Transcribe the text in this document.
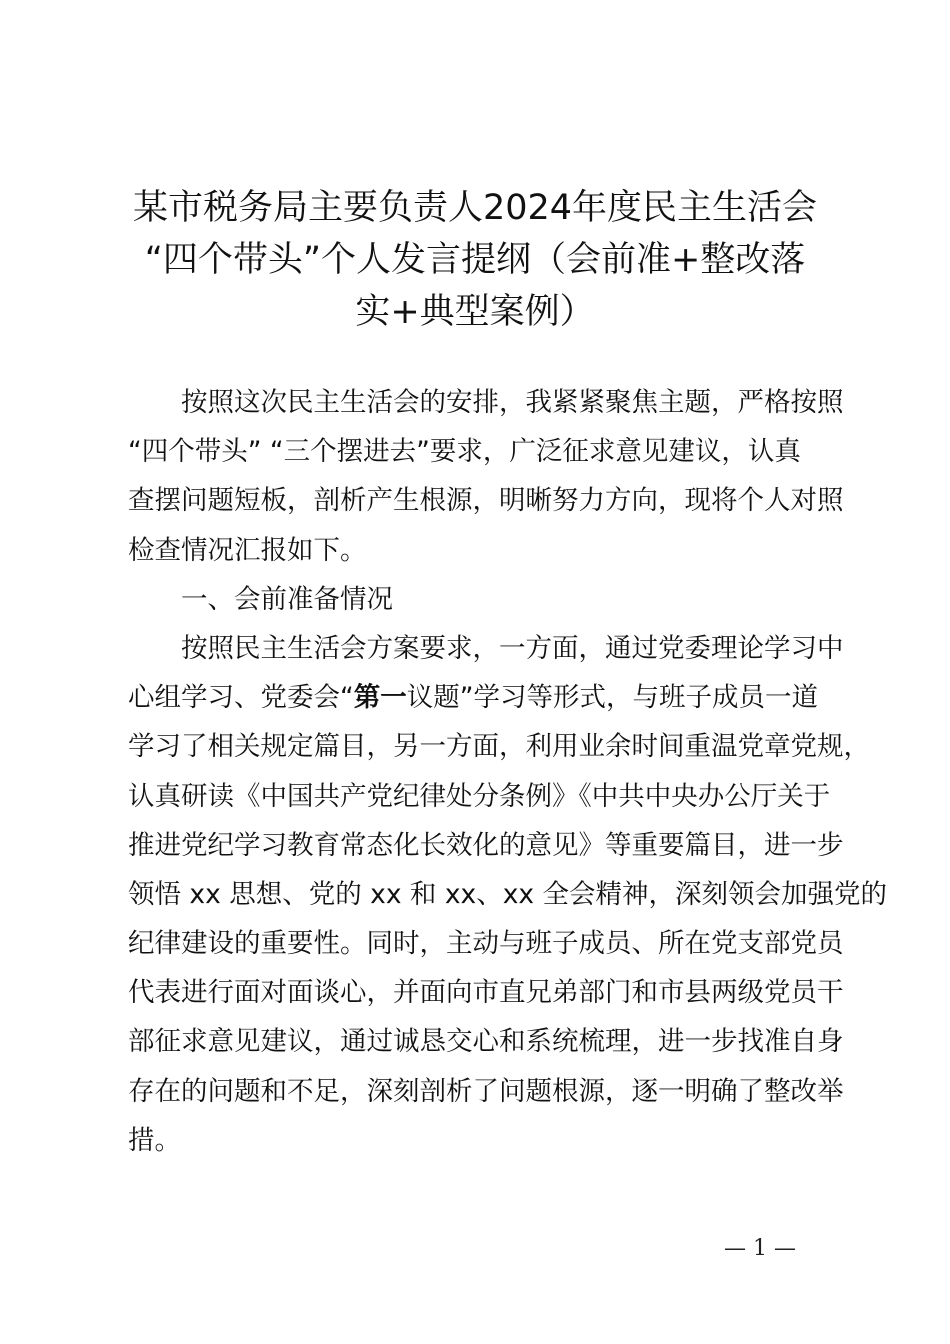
某市税务局主要负责人2024年度民主生活会
“四个带头”个人发言提纲（会前准+整改落
实+典型案例）
按照这次民主生活会的安排，我紧紧聚焦主题，严格按照
“四个带头” “三个摆进去”要求，广泛征求意见建议，认真
查摆问题短板，剖析产生根源，明晰努力方向，现将个人对照
检查情况汇报如下。
一、会前准备情况
按照民主生活会方案要求，一方面，通过党委理论学习中
心组学习、党委会“第一议题”学习等形式，与班子成员一道
学习了相关规定篇目，另一方面，利用业余时间重温党章党规，
认真研读《中国共产党纪律处分条例》《中共中央办公厅关于
推进党纪学习教育常态化长效化的意见》等重要篇目，进一步
领悟 xx 思想、党的 xx 和 xx、xx 全会精神，深刻领会加强党的
纪律建设的重要性。同时，主动与班子成员、所在党支部党员
代表进行面对面谈心，并面向市直兄弟部门和市县两级党员干
部征求意见建议，通过诚恳交心和系统梳理，进一步找准自身
存在的问题和不足，深刻剖析了问题根源，逐一明确了整改举
措。
— 1 —
